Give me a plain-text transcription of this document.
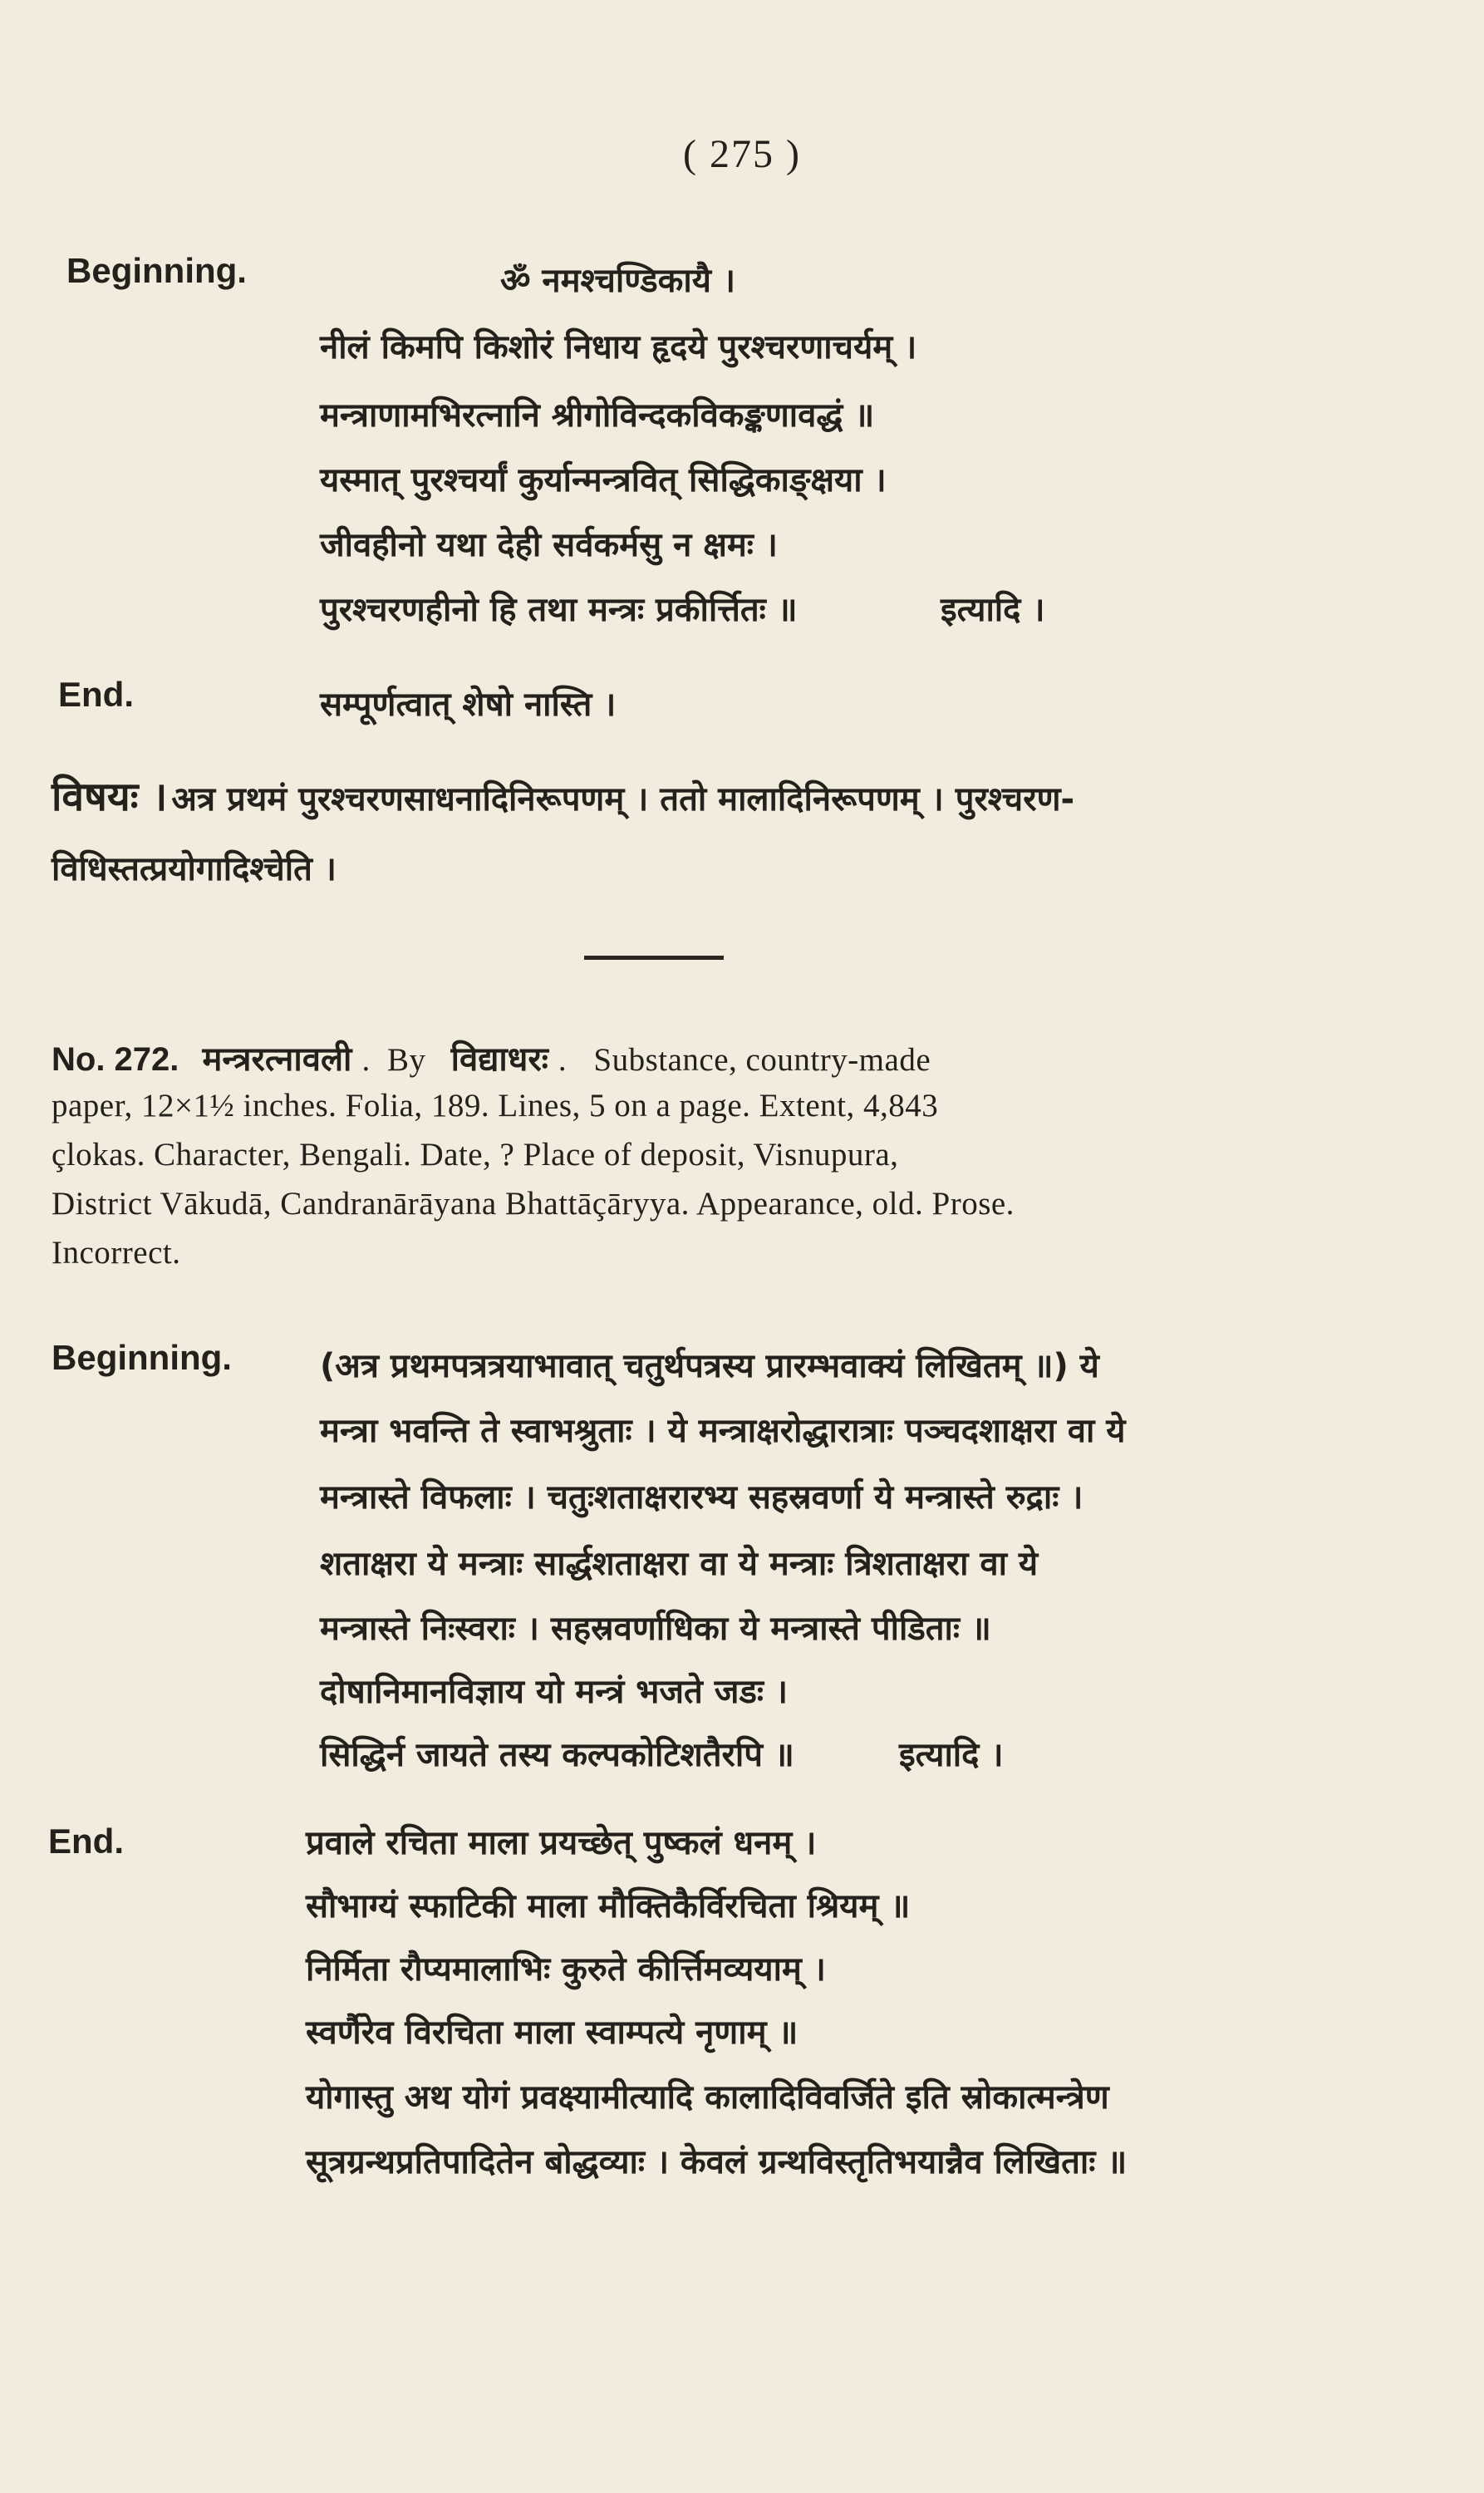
( 275 )
Beginning.	ॐ नमश्चण्डिकायै ।
नीलं किमपि किशोरं निधाय हृदये पुरश्चरणाचर्यम् ।
मन्त्राणामभिरत्नानि श्रीगोविन्दकविकङ्कणावद्धं ॥
यस्मात् पुरश्चर्यां कुर्यान्मन्त्रवित् सिद्धिकाङ्क्षया ।
जीवहीनो यथा देही सर्वकर्मसु न क्षमः ।
पुरश्चरणहीनो हि तथा मन्त्रः प्रकीर्त्तितः ॥	इत्यादि ।
End.	सम्पूर्णत्वात् शेषो नास्ति ।
विषयः । अत्र प्रथमं पुरश्चरणसाधनादिनिरूपणम् । ततो मालादिनिरूपणम् । पुरश्चरण-
विधिस्तत्प्रयोगादिश्चेति ।
No. 272. मन्त्ररत्नावली . By विद्याधरः . Substance, country-made
paper, 12×1½ inches. Folia, 189. Lines, 5 on a page. Extent, 4,843
çlokas. Character, Bengali. Date, ? Place of deposit, Visnupura,
District Vākudā, Candranārāyana Bhattāçāryya. Appearance, old. Prose.
Incorrect.
Beginning.	(अत्र प्रथमपत्रत्रयाभावात् चतुर्थपत्रस्य प्रारम्भवाक्यं लिखितम् ॥) ये
मन्त्रा भवन्ति ते स्वाभश्रुताः । ये मन्त्राक्षरोद्धारात्राः पञ्चदशाक्षरा वा ये
मन्त्रास्ते विफलाः । चतुःशताक्षरारभ्य सहस्रवर्णा ये मन्त्रास्ते रुद्राः ।
शताक्षरा ये मन्त्राः सार्द्धशताक्षरा वा ये मन्त्राः त्रिशताक्षरा वा ये
मन्त्रास्ते निःस्वराः । सहस्रवर्णाधिका ये मन्त्रास्ते पीडिताः ॥
दोषानिमानविज्ञाय यो मन्त्रं भजते जडः ।
सिद्धिर्न जायते तस्य कल्पकोटिशतैरपि ॥	इत्यादि ।
End.	प्रवाले रचिता माला प्रयच्छेत् पुष्कलं धनम् ।
सौभाग्यं स्फाटिकी माला मौक्तिकैर्विरचिता श्रियम् ॥
निर्मिता रौप्यमालाभिः कुरुते कीर्त्तिमव्ययाम् ।
स्वर्णैरेव विरचिता माला स्वाम्पत्ये नृणाम् ॥
योगास्तु अथ योगं प्रवक्ष्यामीत्यादि कालादिविवर्जिते इति स्रोकात्मन्त्रेण
सूत्रग्रन्थप्रतिपादितेन बोद्धव्याः । केवलं ग्रन्थविस्तृतिभयान्नैव लिखिताः ॥
